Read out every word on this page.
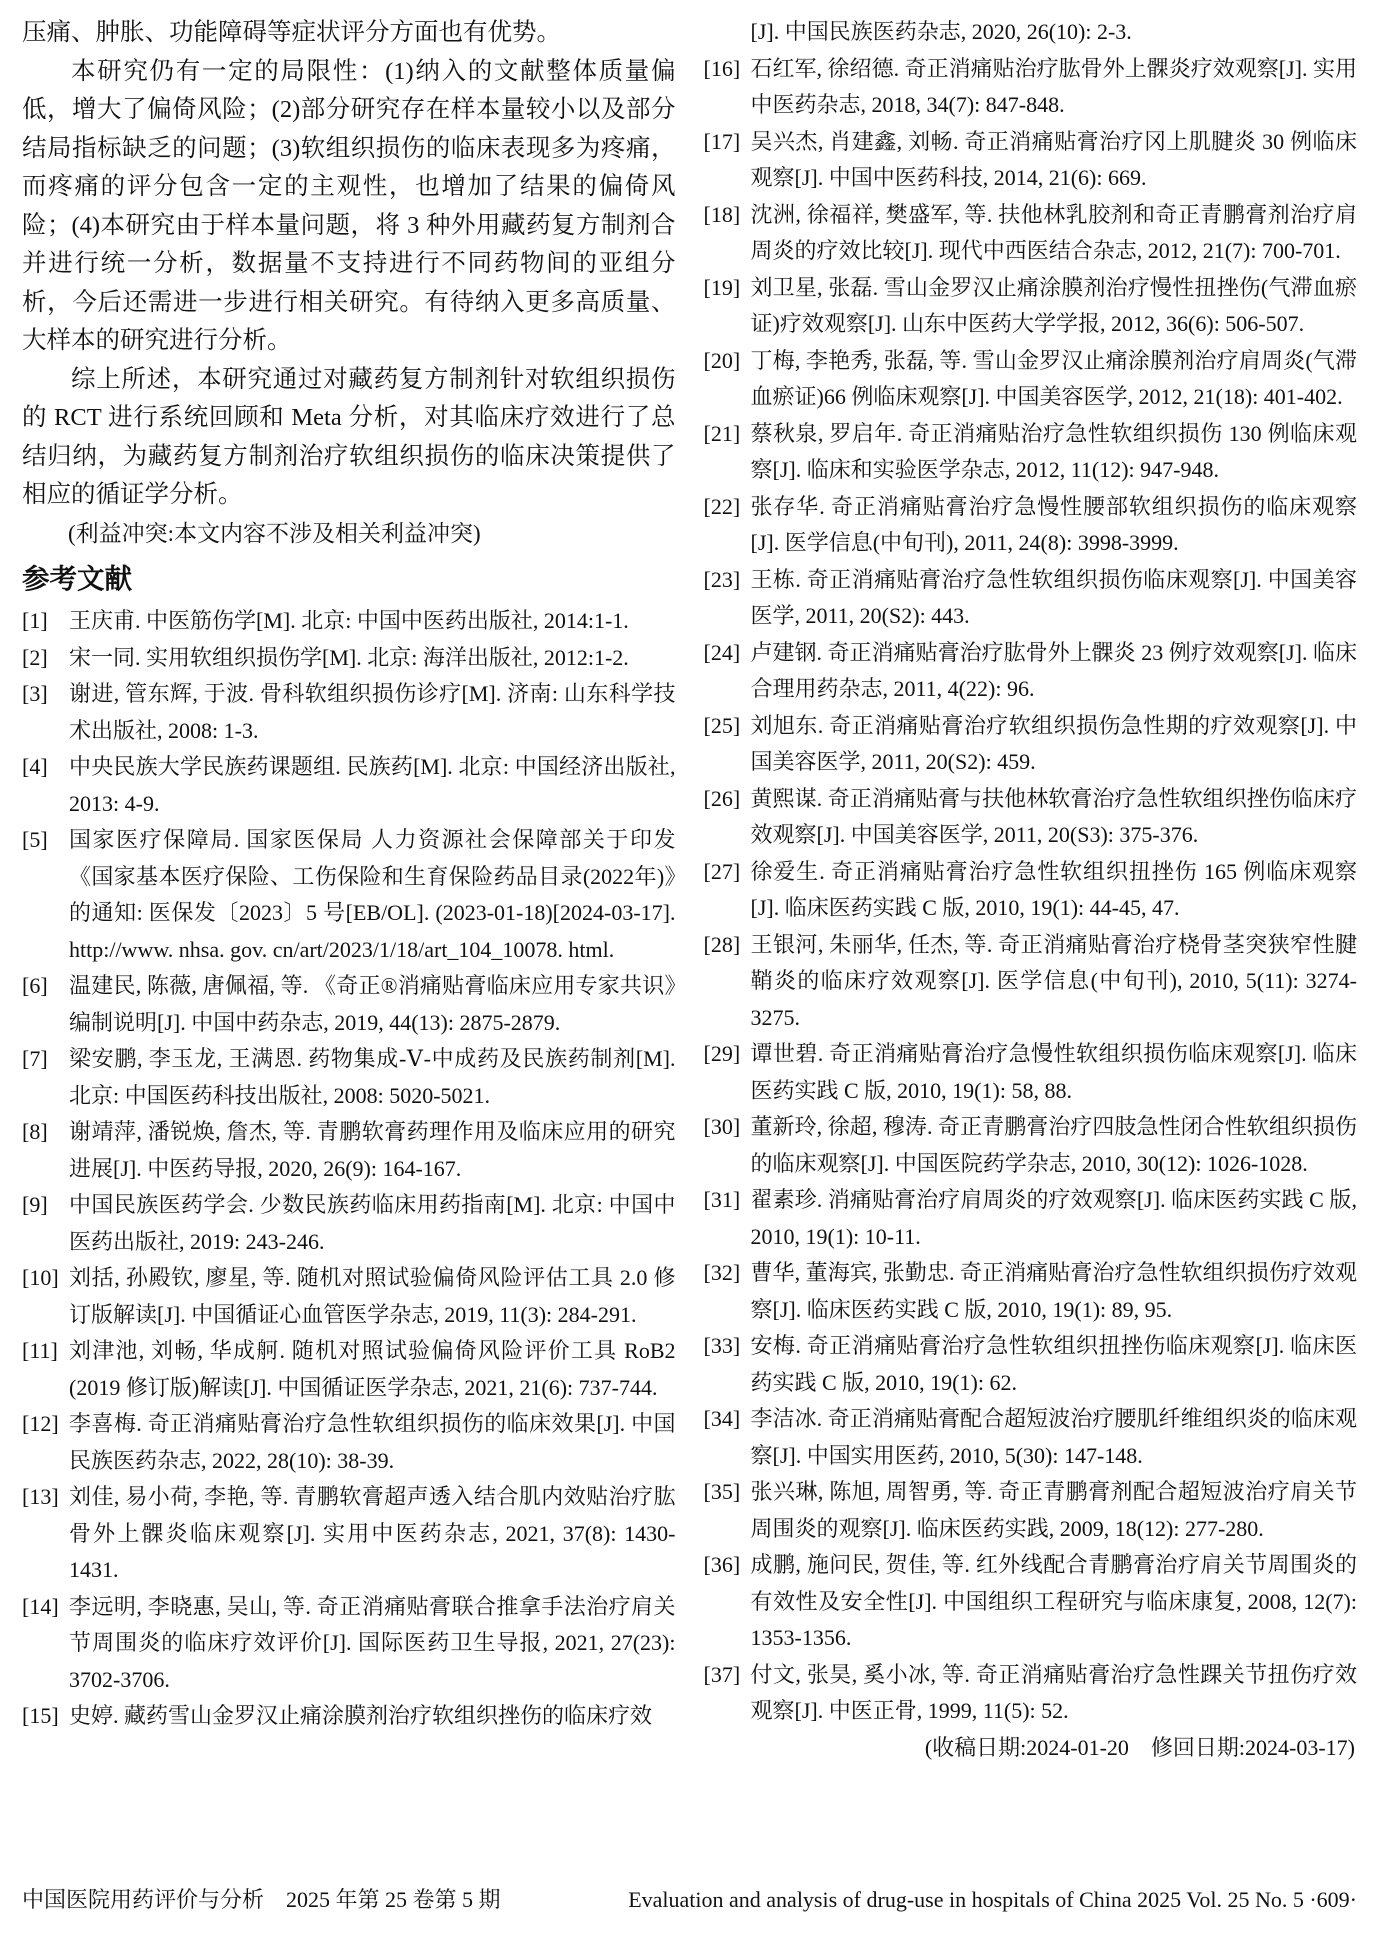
压痛、肿胀、功能障碍等症状评分方面也有优势。

本研究仍有一定的局限性：(1)纳入的文献整体质量偏低，增大了偏倚风险；(2)部分研究存在样本量较小以及部分结局指标缺乏的问题；(3)软组织损伤的临床表现多为疼痛，而疼痛的评分包含一定的主观性，也增加了结果的偏倚风险；(4)本研究由于样本量问题，将 3 种外用藏药复方制剂合并进行统一分析，数据量不支持进行不同药物间的亚组分析，今后还需进一步进行相关研究。有待纳入更多高质量、大样本的研究进行分析。

综上所述，本研究通过对藏药复方制剂针对软组织损伤的 RCT 进行系统回顾和 Meta 分析，对其临床疗效进行了总结归纳，为藏药复方制剂治疗软组织损伤的临床决策提供了相应的循证学分析。

(利益冲突:本文内容不涉及相关利益冲突)

参考文献
[1] 王庆甫. 中医筋伤学[M]. 北京: 中国中医药出版社, 2014:1-1.
[2] 宋一同. 实用软组织损伤学[M]. 北京: 海洋出版社, 2012:1-2.
[3] 谢进, 管东辉, 于波. 骨科软组织损伤诊疗[M]. 济南: 山东科学技术出版社, 2008: 1-3.
[4] 中央民族大学民族药课题组. 民族药[M]. 北京: 中国经济出版社, 2013: 4-9.
[5] 国家医疗保障局. 国家医保局 人力资源社会保障部关于印发《国家基本医疗保险、工伤保险和生育保险药品目录(2022年)》的通知: 医保发〔2023〕5 号[EB/OL]. (2023-01-18)[2024-03-17]. http://www. nhsa. gov. cn/art/2023/1/18/art_104_10078. html.
[6] 温建民, 陈薇, 唐佩福, 等. 《奇正®消痛贴膏临床应用专家共识》编制说明[J]. 中国中药杂志, 2019, 44(13): 2875-2879.
[7] 梁安鹏, 李玉龙, 王满恩. 药物集成-Ⅴ-中成药及民族药制剂[M]. 北京: 中国医药科技出版社, 2008: 5020-5021.
[8] 谢靖萍, 潘锐焕, 詹杰, 等. 青鹏软膏药理作用及临床应用的研究进展[J]. 中医药导报, 2020, 26(9): 164-167.
[9] 中国民族医药学会. 少数民族药临床用药指南[M]. 北京: 中国中医药出版社, 2019: 243-246.
[10] 刘括, 孙殿钦, 廖星, 等. 随机对照试验偏倚风险评估工具 2.0 修订版解读[J]. 中国循证心血管医学杂志, 2019, 11(3): 284-291.
[11] 刘津池, 刘畅, 华成舸. 随机对照试验偏倚风险评价工具 RoB2 (2019 修订版)解读[J]. 中国循证医学杂志, 2021, 21(6): 737-744.
[12] 李喜梅. 奇正消痛贴膏治疗急性软组织损伤的临床效果[J]. 中国民族医药杂志, 2022, 28(10): 38-39.
[13] 刘佳, 易小荷, 李艳, 等. 青鹏软膏超声透入结合肌内效贴治疗肱骨外上髁炎临床观察[J]. 实用中医药杂志, 2021, 37(8): 1430-1431.
[14] 李远明, 李晓惠, 吴山, 等. 奇正消痛贴膏联合推拿手法治疗肩关节周围炎的临床疗效评价[J]. 国际医药卫生导报, 2021, 27(23): 3702-3706.
[15] 史婷. 藏药雪山金罗汉止痛涂膜剂治疗软组织挫伤的临床疗效
[J]. 中国民族医药杂志, 2020, 26(10): 2-3.
[16] 石红军, 徐绍德. 奇正消痛贴治疗肱骨外上髁炎疗效观察[J]. 实用中医药杂志, 2018, 34(7): 847-848.
[17] 吴兴杰, 肖建鑫, 刘畅. 奇正消痛贴膏治疗冈上肌腱炎 30 例临床观察[J]. 中国中医药科技, 2014, 21(6): 669.
[18] 沈洲, 徐福祥, 樊盛军, 等. 扶他林乳胶剂和奇正青鹏膏剂治疗肩周炎的疗效比较[J]. 现代中西医结合杂志, 2012, 21(7): 700-701.
[19] 刘卫星, 张磊. 雪山金罗汉止痛涂膜剂治疗慢性扭挫伤(气滞血瘀证)疗效观察[J]. 山东中医药大学学报, 2012, 36(6): 506-507.
[20] 丁梅, 李艳秀, 张磊, 等. 雪山金罗汉止痛涂膜剂治疗肩周炎(气滞血瘀证)66 例临床观察[J]. 中国美容医学, 2012, 21(18): 401-402.
[21] 蔡秋泉, 罗启年. 奇正消痛贴治疗急性软组织损伤 130 例临床观察[J]. 临床和实验医学杂志, 2012, 11(12): 947-948.
[22] 张存华. 奇正消痛贴膏治疗急慢性腰部软组织损伤的临床观察[J]. 医学信息(中旬刊), 2011, 24(8): 3998-3999.
[23] 王栋. 奇正消痛贴膏治疗急性软组织损伤临床观察[J]. 中国美容医学, 2011, 20(S2): 443.
[24] 卢建钢. 奇正消痛贴膏治疗肱骨外上髁炎 23 例疗效观察[J]. 临床合理用药杂志, 2011, 4(22): 96.
[25] 刘旭东. 奇正消痛贴膏治疗软组织损伤急性期的疗效观察[J]. 中国美容医学, 2011, 20(S2): 459.
[26] 黄熙谋. 奇正消痛贴膏与扶他林软膏治疗急性软组织挫伤临床疗效观察[J]. 中国美容医学, 2011, 20(S3): 375-376.
[27] 徐爱生. 奇正消痛贴膏治疗急性软组织扭挫伤 165 例临床观察[J]. 临床医药实践 C 版, 2010, 19(1): 44-45, 47.
[28] 王银河, 朱丽华, 任杰, 等. 奇正消痛贴膏治疗桡骨茎突狭窄性腱鞘炎的临床疗效观察[J]. 医学信息(中旬刊), 2010, 5(11): 3274-3275.
[29] 谭世碧. 奇正消痛贴膏治疗急慢性软组织损伤临床观察[J]. 临床医药实践 C 版, 2010, 19(1): 58, 88.
[30] 董新玲, 徐超, 穆涛. 奇正青鹏膏治疗四肢急性闭合性软组织损伤的临床观察[J]. 中国医院药学杂志, 2010, 30(12): 1026-1028.
[31] 翟素珍. 消痛贴膏治疗肩周炎的疗效观察[J]. 临床医药实践 C 版, 2010, 19(1): 10-11.
[32] 曹华, 董海宾, 张勤忠. 奇正消痛贴膏治疗急性软组织损伤疗效观察[J]. 临床医药实践 C 版, 2010, 19(1): 89, 95.
[33] 安梅. 奇正消痛贴膏治疗急性软组织扭挫伤临床观察[J]. 临床医药实践 C 版, 2010, 19(1): 62.
[34] 李洁冰. 奇正消痛贴膏配合超短波治疗腰肌纤维组织炎的临床观察[J]. 中国实用医药, 2010, 5(30): 147-148.
[35] 张兴琳, 陈旭, 周智勇, 等. 奇正青鹏膏剂配合超短波治疗肩关节周围炎的观察[J]. 临床医药实践, 2009, 18(12): 277-280.
[36] 成鹏, 施问民, 贺佳, 等. 红外线配合青鹏膏治疗肩关节周围炎的有效性及安全性[J]. 中国组织工程研究与临床康复, 2008, 12(7): 1353-1356.
[37] 付文, 张昊, 奚小冰, 等. 奇正消痛贴膏治疗急性踝关节扭伤疗效观察[J]. 中医正骨, 1999, 11(5): 52.
(收稿日期:2024-01-20　修回日期:2024-03-17)
中国医院用药评价与分析　2025 年第 25 卷第 5 期	Evaluation and analysis of drug-use in hospitals of China 2025 Vol. 25 No. 5 ·609·
